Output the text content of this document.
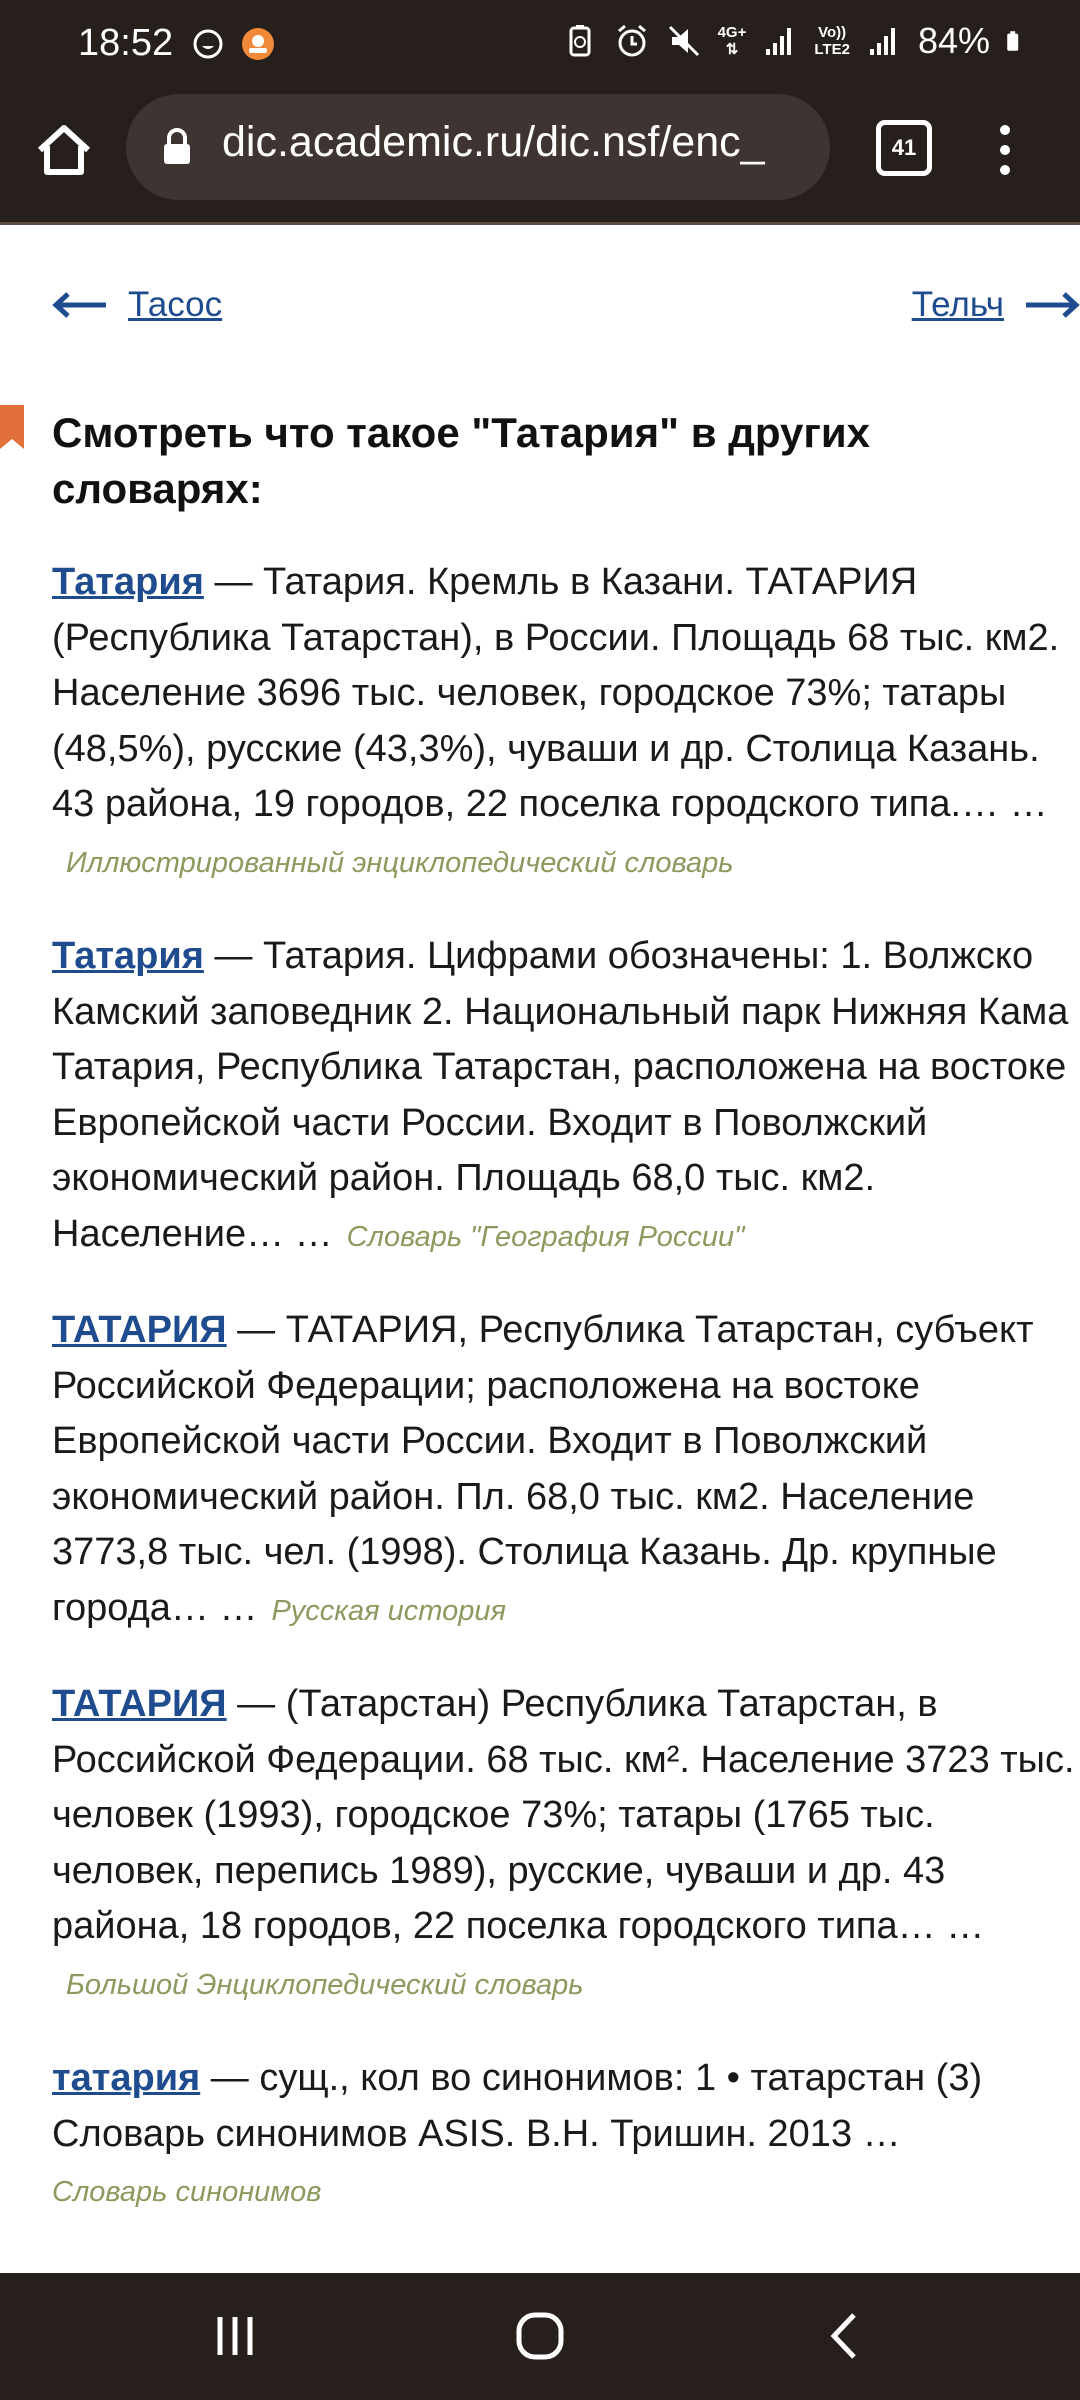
18:52	4G+
⇅
Vo))
LTE2 84%
dic.academic.ru/dic.nsf/enc_	41
Тасос	Тельч
Смотреть что такое "Татария" в других словарях:
Татария — Татария. Кремль в Казани. ТАТАРИЯ (Республика Татарстан), в России. Площадь 68 тыс. км2. Население 3696 тыс. человек, городское 73%; татары (48,5%), русские (43,3%), чуваши и др. Столица Казань. 43 района, 19 городов, 22 поселка городского типа.… …Иллюстрированный энциклопедический словарь
Татария — Татария. Цифрами обозначены: 1. Волжско Камский заповедник 2. Национальный парк Нижняя Кама Татария, Республика Татарстан, расположена на востоке Европейской части России. Входит в Поволжский экономический район. Площадь 68,0 тыс. км2. Население… … Словарь "География России"
ТАТАРИЯ — ТАТАРИЯ, Республика Татарстан, субъект Российской Федерации; расположена на востоке Европейской части России. Входит в Поволжский экономический район. Пл. 68,0 тыс. км2. Население 3773,8 тыс. чел. (1998). Столица Казань. Др. крупные города… … Русская история
ТАТАРИЯ — (Татарстан) Республика Татарстан, в Российской Федерации. 68 тыс. км². Население 3723 тыс. человек (1993), городское 73%; татары (1765 тыс. человек, перепись 1989), русские, чуваши и др. 43 района, 18 городов, 22 поселка городского типа… …Большой Энциклопедический словарь
татария — сущ., кол во синонимов: 1 • татарстан (3) Словарь синонимов ASIS. В.Н. Тришин. 2013 …
Словарь синонимов
